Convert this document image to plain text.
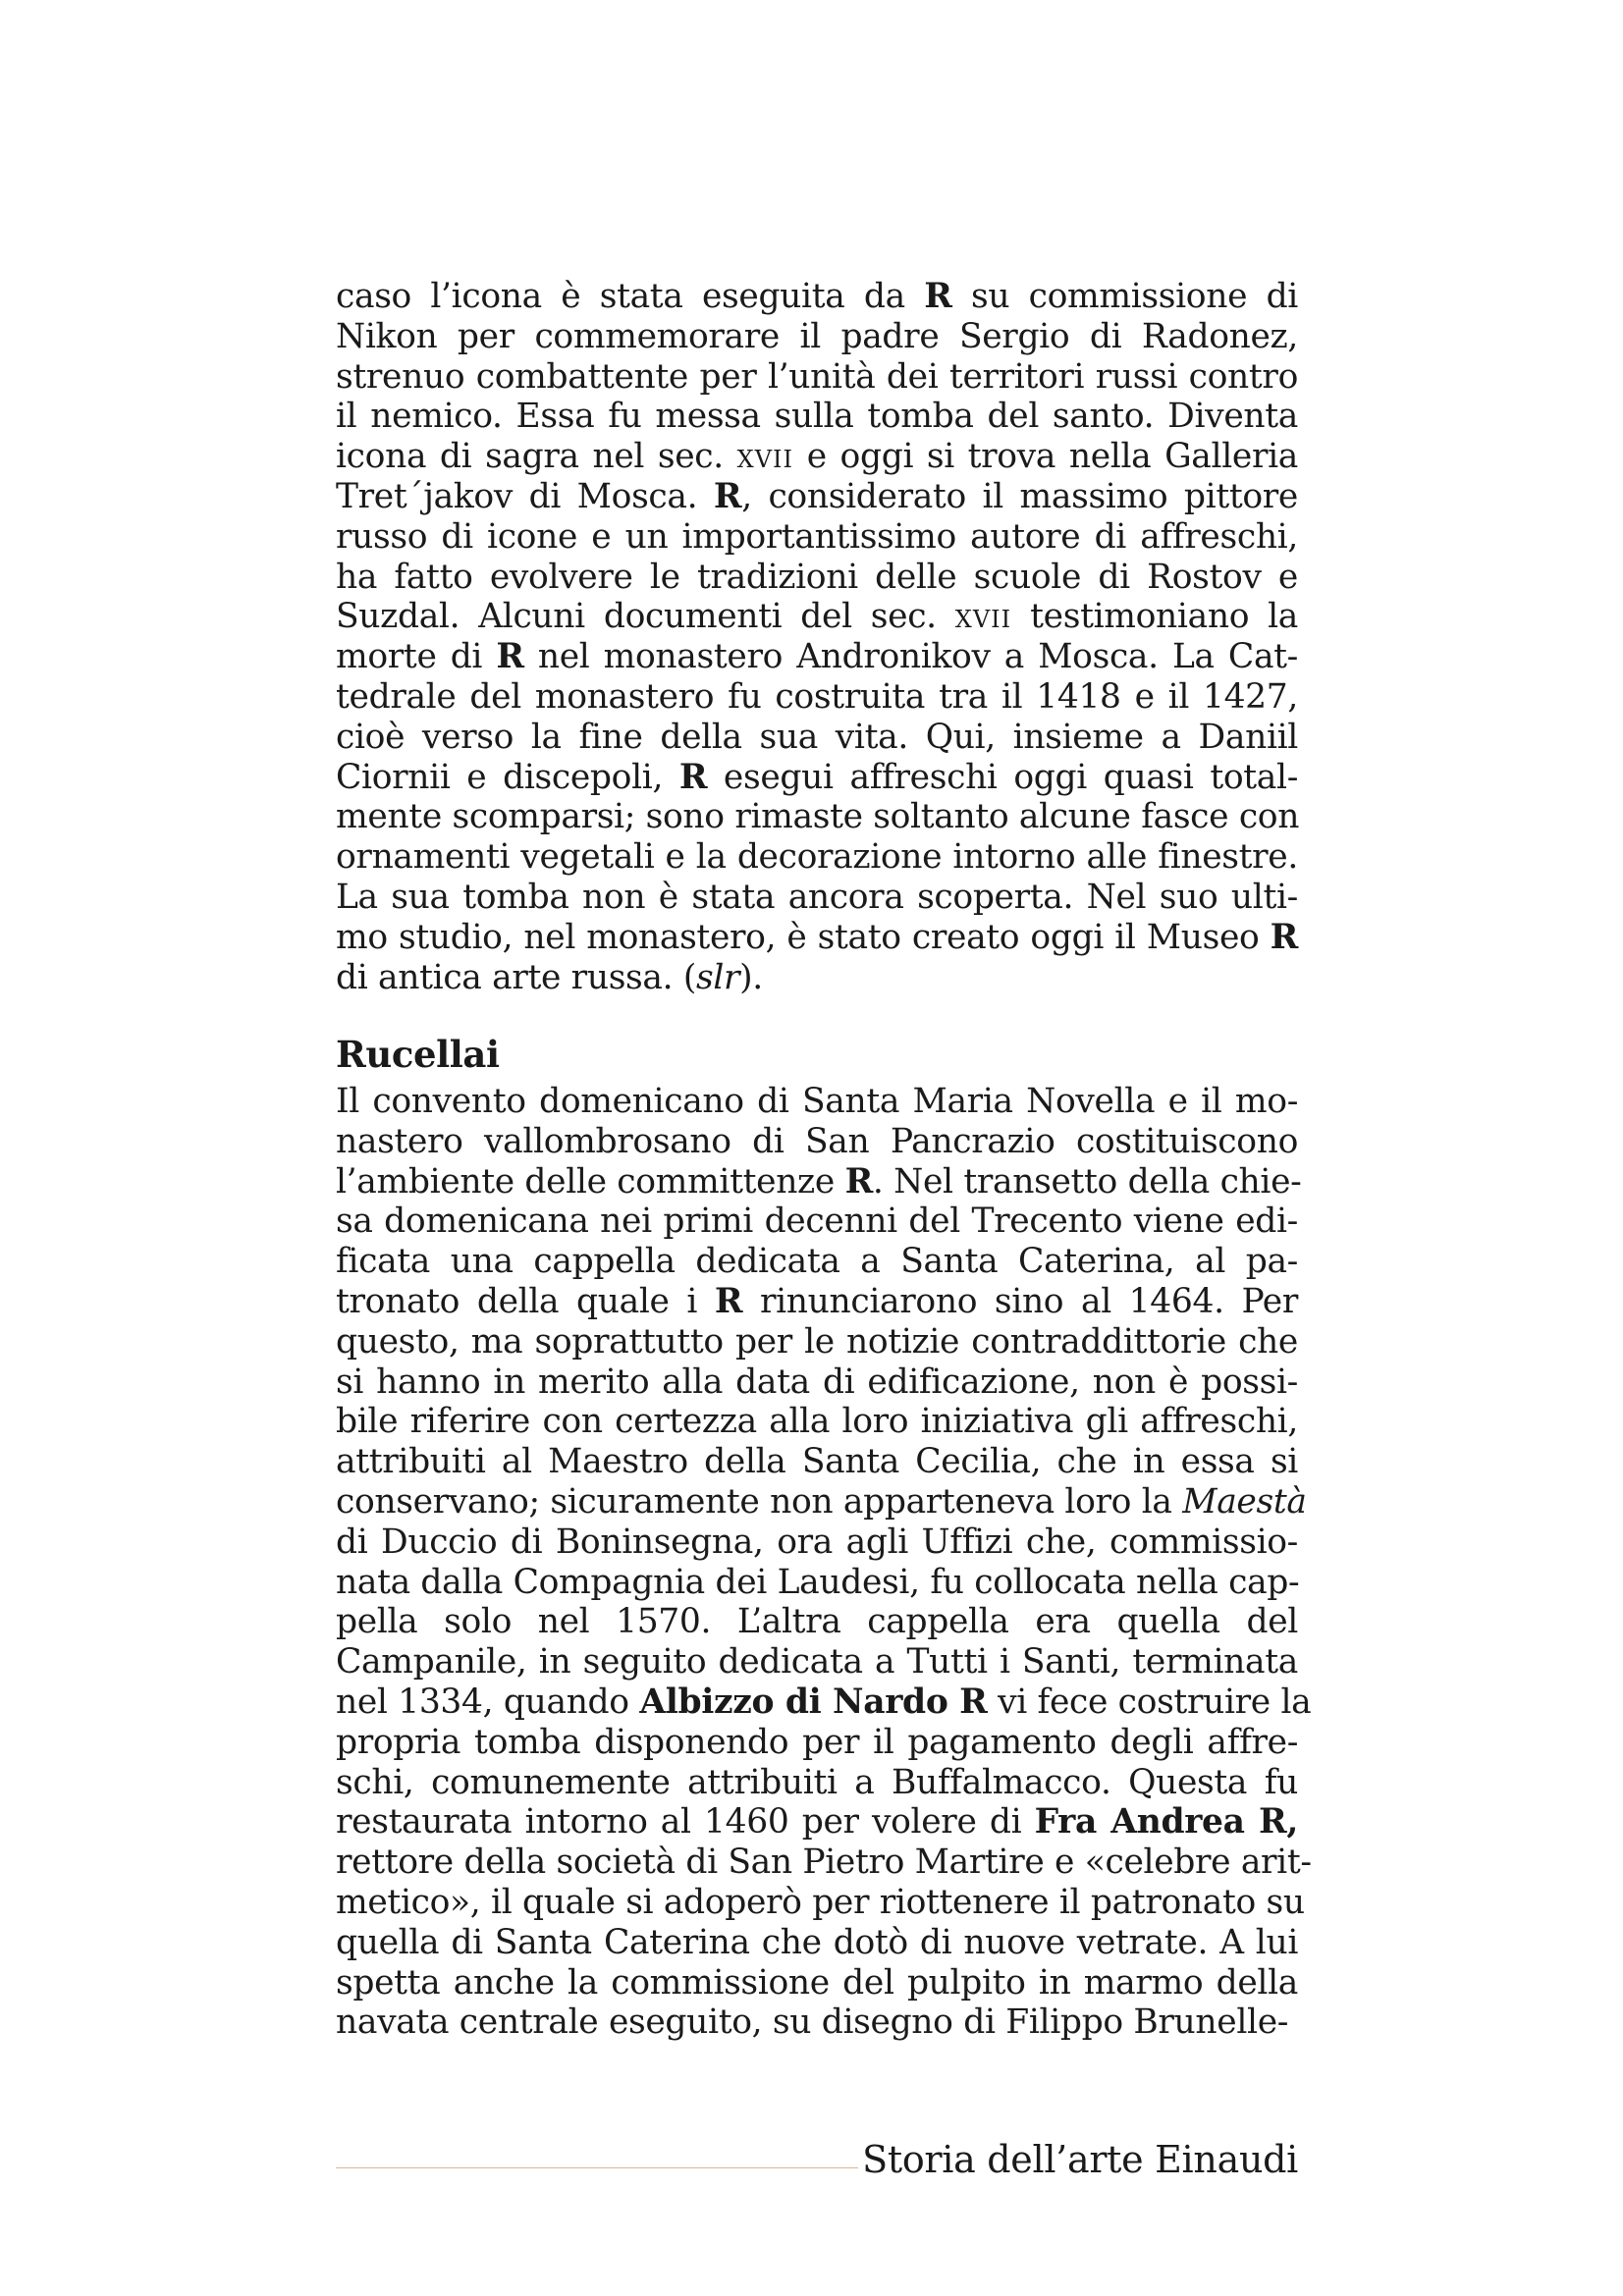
caso l’icona è stata eseguita da R su commissione di
Nikon per commemorare il padre Sergio di Radonez,
strenuo combattente per l’unità dei territori russi contro
il nemico. Essa fu messa sulla tomba del santo. Diventa
icona di sagra nel sec. xvii e oggi si trova nella Galleria
Tret´jakov di Mosca. R, considerato il massimo pittore
russo di icone e un importantissimo autore di affreschi,
ha fatto evolvere le tradizioni delle scuole di Rostov e
Suzdal. Alcuni documenti del sec. xvii testimoniano la
morte di R nel monastero Andronikov a Mosca. La Cat-
tedrale del monastero fu costruita tra il 1418 e il 1427,
cioè verso la fine della sua vita. Qui, insieme a Daniil
Ciornii e discepoli, R esegui affreschi oggi quasi total-
mente scomparsi; sono rimaste soltanto alcune fasce con
ornamenti vegetali e la decorazione intorno alle finestre.
La sua tomba non è stata ancora scoperta. Nel suo ulti-
mo studio, nel monastero, è stato creato oggi il Museo R
di antica arte russa. (slr).
Rucellai
Il convento domenicano di Santa Maria Novella e il mo-
nastero vallombrosano di San Pancrazio costituiscono
l’ambiente delle committenze R. Nel transetto della chie-
sa domenicana nei primi decenni del Trecento viene edi-
ficata una cappella dedicata a Santa Caterina, al pa-
tronato della quale i R rinunciarono sino al 1464. Per
questo, ma soprattutto per le notizie contraddittorie che
si hanno in merito alla data di edificazione, non è possi-
bile riferire con certezza alla loro iniziativa gli affreschi,
attribuiti al Maestro della Santa Cecilia, che in essa si
conservano; sicuramente non apparteneva loro la Maestà
di Duccio di Boninsegna, ora agli Uffizi che, commissio-
nata dalla Compagnia dei Laudesi, fu collocata nella cap-
pella solo nel 1570. L’altra cappella era quella del
Campanile, in seguito dedicata a Tutti i Santi, terminata
nel 1334, quando Albizzo di Nardo R vi fece costruire la
propria tomba disponendo per il pagamento degli affre-
schi, comunemente attribuiti a Buffalmacco. Questa fu
restaurata intorno al 1460 per volere di Fra Andrea R,
rettore della società di San Pietro Martire e «celebre arit-
metico», il quale si adoperò per riottenere il patronato su
quella di Santa Caterina che dotò di nuove vetrate. A lui
spetta anche la commissione del pulpito in marmo della
navata centrale eseguito, su disegno di Filippo Brunelle-
Storia dell’arte Einaudi
